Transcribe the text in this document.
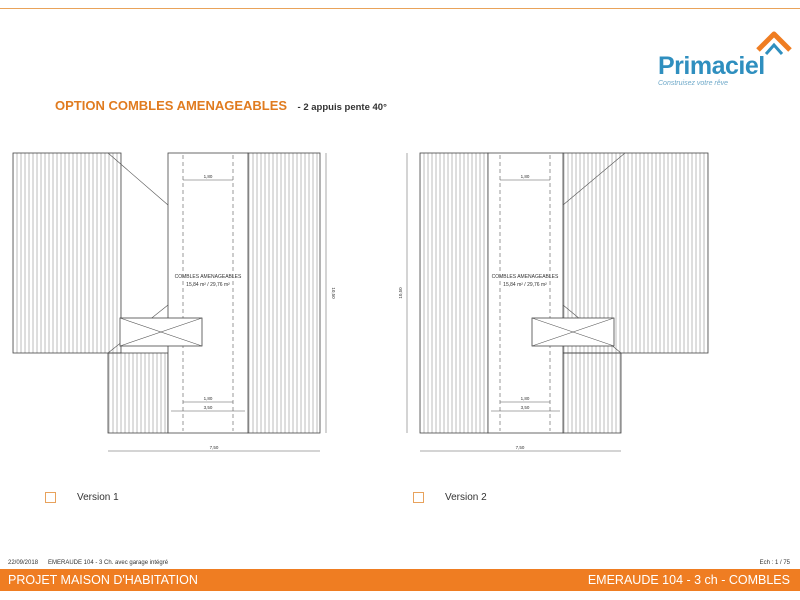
Primaciel
Construisez votre rêve
OPTION COMBLES AMENAGEABLES - 2 appuis pente 40°
1,80
COMBLES AMENAGEABLES
15,84 m² / 29,76 m²
1,80
3,50
7,50
10,50
1,80
COMBLES AMENAGEABLES
15,84 m² / 29,76 m²
1,80
3,50
7,50
10,50
Version 1	Version 2
22/09/2018 EMERAUDE 104 - 3 Ch. avec garage intégré	Ech : 1 / 75
PROJET MAISON D'HABITATION	EMERAUDE 104 - 3 ch - COMBLES
